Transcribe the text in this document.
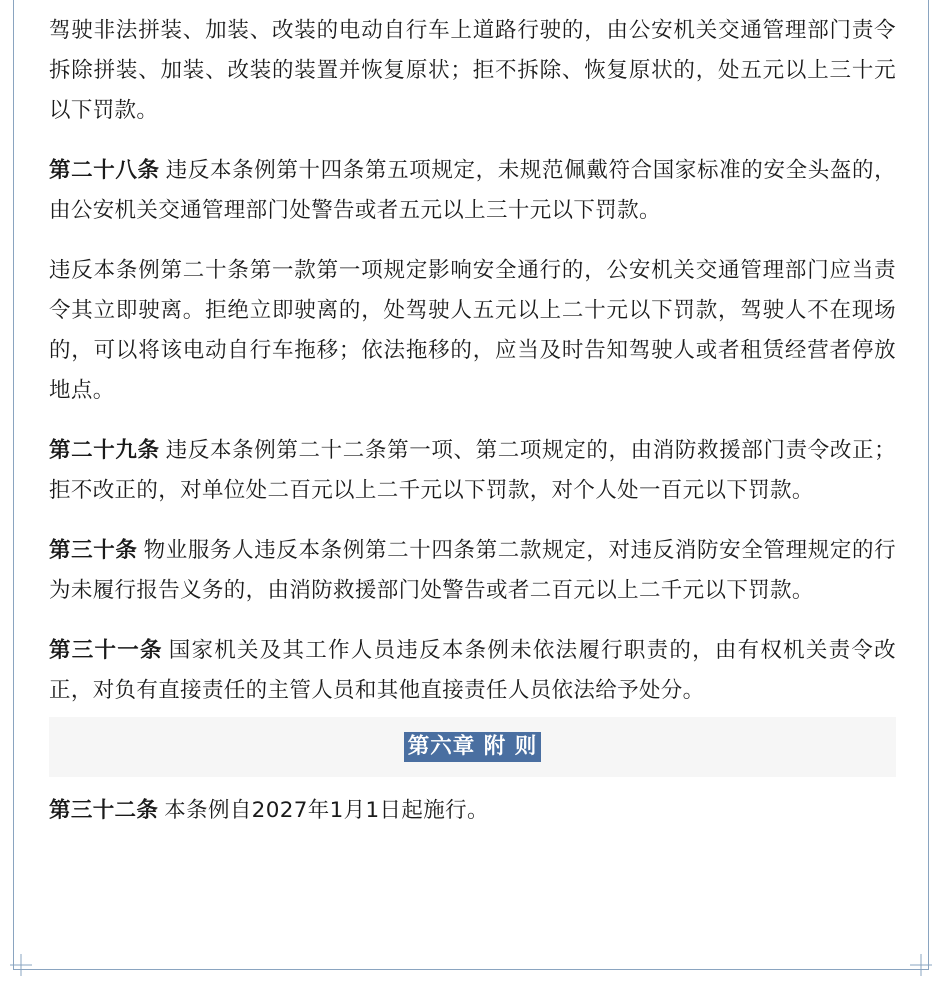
驾驶非法拼装、加装、改装的电动自行车上道路行驶的，由公安机关交通管理部门责令拆除拼装、加装、改装的装置并恢复原状；拒不拆除、恢复原状的，处五元以上三十元以下罚款。

第二十八条 违反本条例第十四条第五项规定，未规范佩戴符合国家标准的安全头盔的，由公安机关交通管理部门处警告或者五元以上三十元以下罚款。

违反本条例第二十条第一款第一项规定影响安全通行的，公安机关交通管理部门应当责令其立即驶离。拒绝立即驶离的，处驾驶人五元以上二十元以下罚款，驾驶人不在现场的，可以将该电动自行车拖移；依法拖移的，应当及时告知驾驶人或者租赁经营者停放地点。

第二十九条 违反本条例第二十二条第一项、第二项规定的，由消防救援部门责令改正；拒不改正的，对单位处二百元以上二千元以下罚款，对个人处一百元以下罚款。

第三十条 物业服务人违反本条例第二十四条第二款规定，对违反消防安全管理规定的行为未履行报告义务的，由消防救援部门处警告或者二百元以上二千元以下罚款。

第三十一条 国家机关及其工作人员违反本条例未依法履行职责的，由有权机关责令改正，对负有直接责任的主管人员和其他直接责任人员依法给予处分。

第六章 附 则

第三十二条 本条例自2027年1月1日起施行。
